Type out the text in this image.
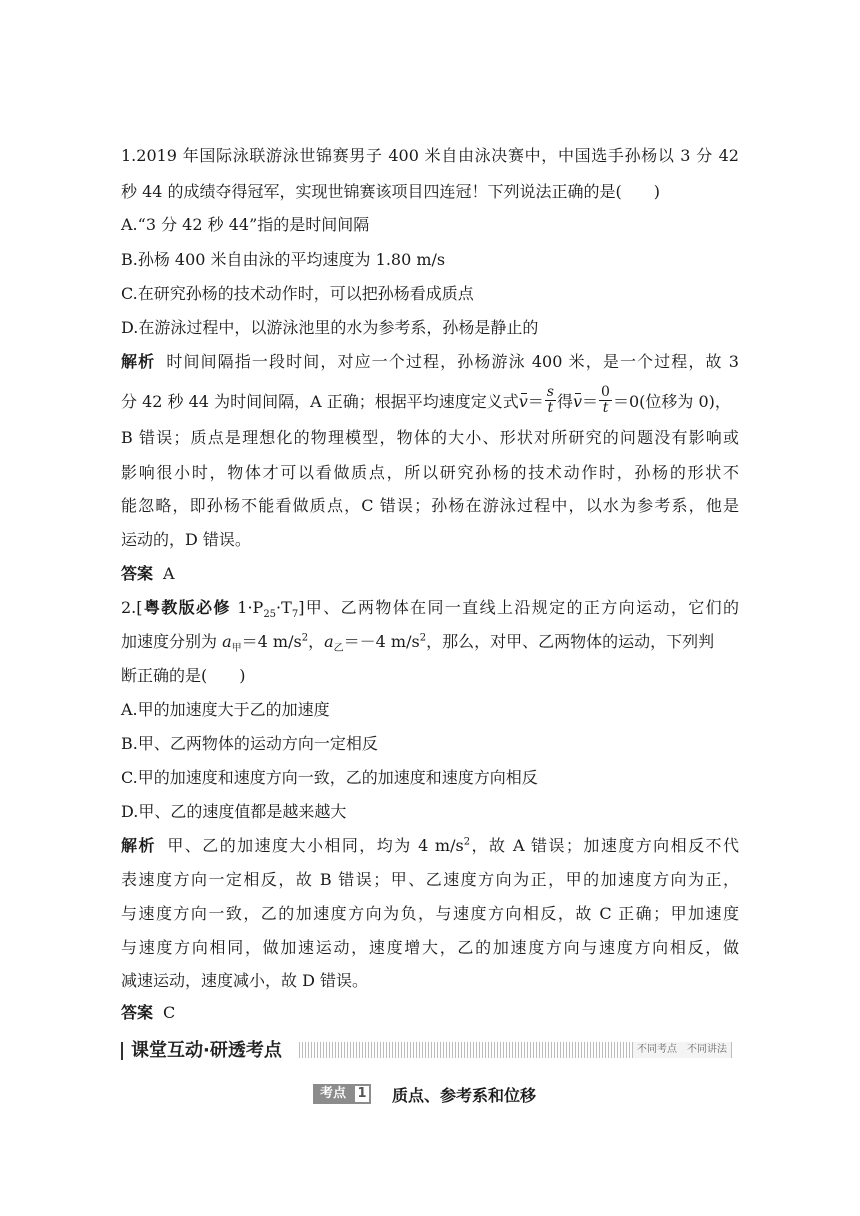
1.2019 年国际泳联游泳世锦赛男子 400 米自由泳决赛中，中国选手孙杨以 3 分 42
秒 44 的成绩夺得冠军，实现世锦赛该项目四连冠！下列说法正确的是(　　)
A.“3 分 42 秒 44”指的是时间间隔
B.孙杨 400 米自由泳的平均速度为 1.80 m/s
C.在研究孙杨的技术动作时，可以把孙杨看成质点
D.在游泳过程中，以游泳池里的水为参考系，孙杨是静止的
解析 时间间隔指一段时间，对应一个过程，孙杨游泳 400 米，是一个过程，故 3
分 42 秒 44 为时间间隔，A 正确；根据平均速度定义式$v= \frac{s}{t}$ 得$v= \frac{0}{t} =0$(位移为 0)，
B 错误；质点是理想化的物理模型，物体的大小、形状对所研究的问题没有影响或
影响很小时，物体才可以看做质点，所以研究孙杨的技术动作时，孙杨的形状不
能忽略，即孙杨不能看做质点，C 错误；孙杨在游泳过程中，以水为参考系，他是
运动的，D 错误。
答案 A
2.[粤教版必修 $1\cdot P_{25}\cdot T_7$]甲、乙两物体在同一直线上沿规定的正方向运动，它们的
加速度分别为 $a_甲=4$ $m/s^2$，$a_乙=-4$ $m/s^2$，那么，对甲、乙两物体的运动，下列判
断正确的是(　　)
A.甲的加速度大于乙的加速度
B.甲、乙两物体的运动方向一定相反
C.甲的加速度和速度方向一致，乙的加速度和速度方向相反
D.甲、乙的速度值都是越来越大
解析 甲、乙的加速度大小相同，均为 4 $m/s^2$，故 A 错误；加速度方向相反不代
表速度方向一定相反，故 B 错误；甲、乙速度方向为正，甲的加速度方向为正，
与速度方向一致，乙的加速度方向为负，与速度方向相反，故 C 正确；甲加速度
与速度方向相同，做加速运动，速度增大，乙的加速度方向与速度方向相反，做
减速运动，速度减小，故 D 错误。
答案 C
课堂互动·研透考点	不同考点　不同讲法
考点 1 质点、参考系和位移
